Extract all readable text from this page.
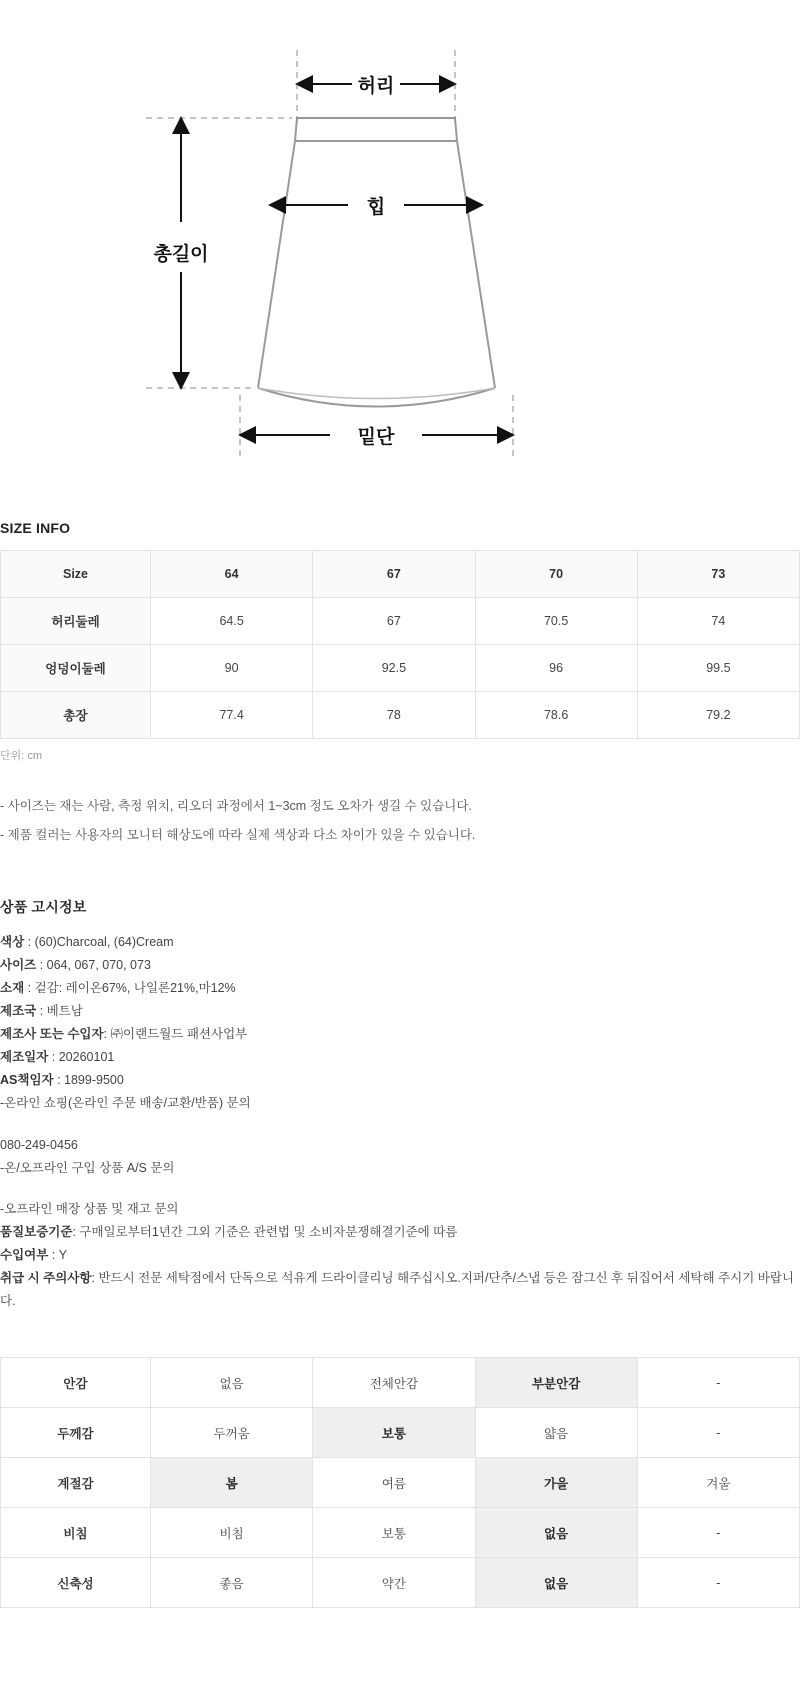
허리
힙
총길이
밑단
SIZE INFO
Size	64	67	70	73
허리둘레	64.5	67	70.5	74
엉덩이둘레	90	92.5	96	99.5
총장	77.4	78	78.6	79.2
단위: cm

- 사이즈는 재는 사람, 측정 위치, 리오더 과정에서 1~3cm 정도 오차가 생길 수 있습니다.

- 제품 컬러는 사용자의 모니터 해상도에 따라 실제 색상과 다소 차이가 있을 수 있습니다.

상품 고시정보
색상 : (60)Charcoal, (64)Cream
사이즈 : 064, 067, 070, 073
소재 : 겉감: 레이온67%, 나일론21%,마12%
제조국 : 베트남
제조사 또는 수입자: ㈜이랜드월드 패션사업부
제조일자 : 20260101
AS책임자 : 1899-9500
-온라인 쇼핑(온라인 주문 배송/교환/반품) 문의
080-249-0456
-온/오프라인 구입 상품 A/S 문의
-오프라인 매장 상품 및 재고 문의
품질보증기준: 구매일로부터1년간 그외 기준은 관련법 및 소비자분쟁해결기준에 따름
수입여부 : Y
취급 시 주의사항: 반드시 전문 세탁점에서 단독으로 석유게 드라이클리닝 해주십시오.지퍼/단추/스냅 등은 잠그신 후 뒤집어서 세탁해 주시기 바랍니다.
안감	없음	전체안감	부분안감	-
두께감	두꺼움	보통	얇음	-
계절감	봄	여름	가을	겨울
비침	비침	보통	없음	-
신축성	좋음	약간	없음	-
